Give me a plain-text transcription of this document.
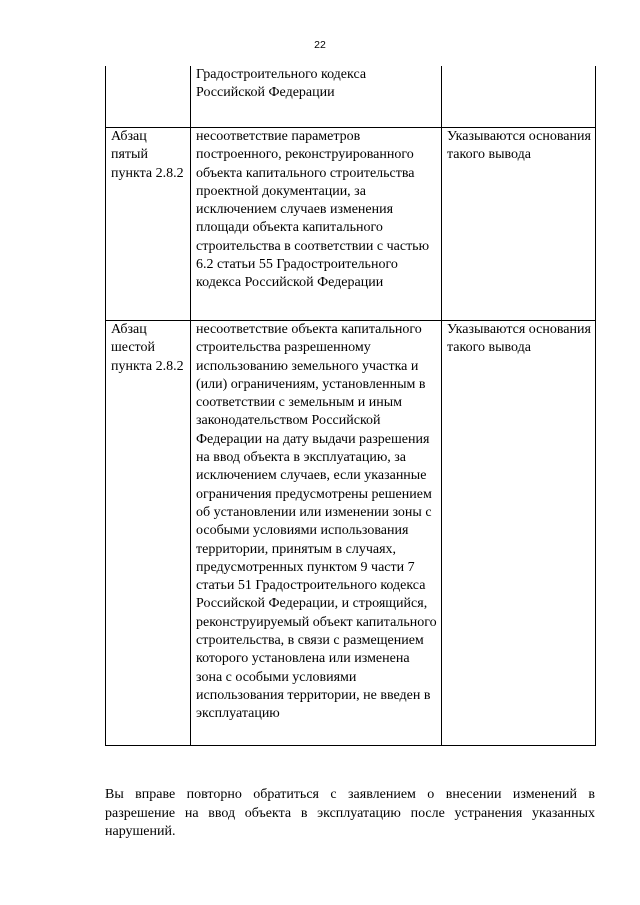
22
	Градостроительного кодекса Российской Федерации	
Абзац пятый пункта 2.8.2	несоответствие параметров построенного, реконструированного объекта капитального строительства проектной документации, за исключением случаев изменения площади объекта капитального строительства в соответствии с частью 6.2 статьи 55 Градостроительного кодекса Российской Федерации	Указываются основания такого вывода
Абзац шестой пункта 2.8.2	несоответствие объекта капитального строительства разрешенному использованию земельного участка и (или) ограничениям, установленным в соответствии с земельным и иным законодательством Российской Федерации на дату выдачи разрешения на ввод объекта в эксплуатацию, за исключением случаев, если указанные ограничения предусмотрены решением об установлении или изменении зоны с особыми условиями использования территории, принятым в случаях, предусмотренных пунктом 9 части 7 статьи 51 Градостроительного кодекса Российской Федерации, и строящийся, реконструируемый объект капитального строительства, в связи с размещением которого установлена или изменена зона с особыми условиями использования территории, не введен в эксплуатацию	Указываются основания такого вывода
Вы вправе повторно обратиться с заявлением о внесении изменений в разрешение на ввод объекта в эксплуатацию после устранения указанных нарушений.
